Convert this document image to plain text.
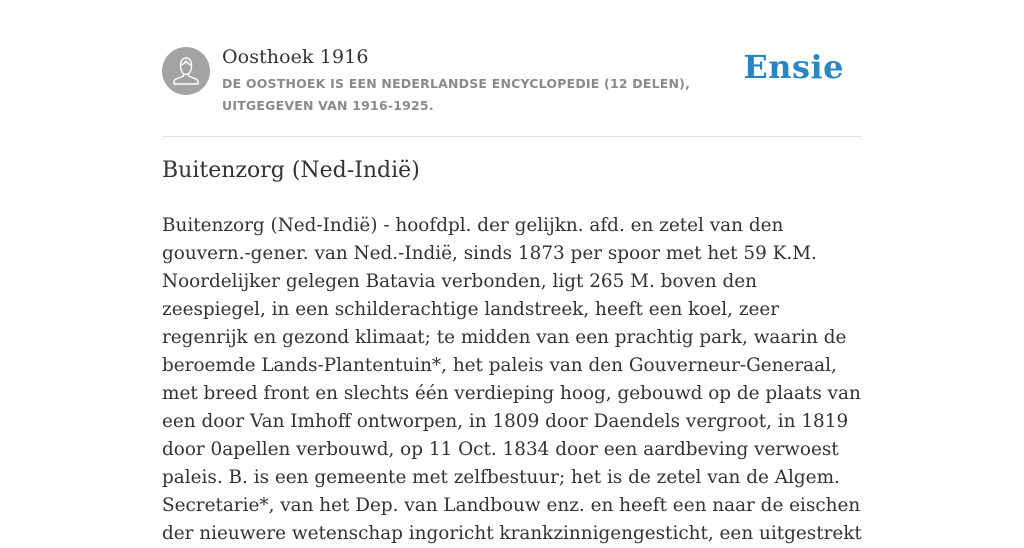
Oosthoek 1916
DE OOSTHOEK IS EEN NEDERLANDSE ENCYCLOPEDIE (12 DELEN), UITGEGEVEN VAN 1916-1925.
Ensie
Buitenzorg (Ned-Indië)

Buitenzorg (Ned-Indië) - hoofdpl. der gelijkn. afd. en zetel van den gouvern.-gener. van Ned.-Indië, sinds 1873 per spoor met het 59 K.M. Noordelijker gelegen Batavia verbonden, ligt 265 M. boven den zeespiegel, in een schilderachtige landstreek, heeft een koel, zeer regenrijk en gezond klimaat; te midden van een prachtig park, waarin de beroemde Lands-Plantentuin*, het paleis van den Gouverneur-Generaal, met breed front en slechts één verdieping hoog, gebouwd op de plaats van een door Van Imhoff ontworpen, in 1809 door Daendels vergroot, in 1819 door 0apellen verbouwd, op 11 Oct. 1834 door een aardbeving verwoest paleis. B. is een gemeente met zelfbestuur; het is de zetel van de Algem. Secretarie*, van het Dep. van Landbouw enz. en heeft een naar de eischen der nieuwere wetenschap ingoricht krankzinnigengesticht, een uitgestrekt
